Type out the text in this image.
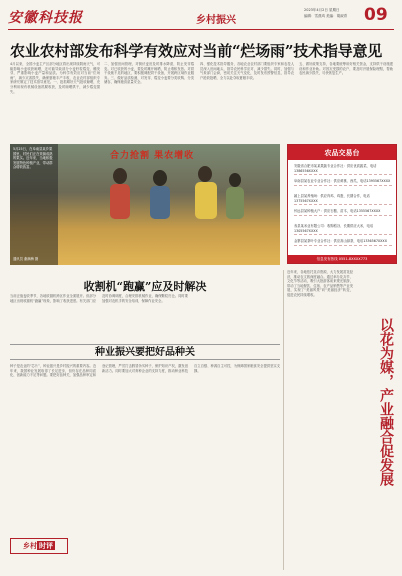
安徽科技报	乡村振兴
2023年4月2日 星期日
编辑：雪燕鸡 美编：胡淑青 09
农业农村部发布科学有效应对当前“烂场雨”技术指导意见
4月以来，全国小麦主产区部分地区将出现持续阴雨天气，可能影响小麦收获晾晒，还可能导致部分小麦籽粒霉变、穗发芽，严重影响小麦产量和品质。为科学有效应对当前“烂场雨”，减少灾害损失，确保夏粮丰产丰收，农业农村部组织专家研究制定了技术指导意见。一、抢抓晴好天气抢收晾晒，充分利用现有机械设备抓紧收获，及时晾晒烘干，减少霉变损失。
二、加强田间管理，对倒伏麦田及时排水降渍，防止发芽霉变。对已收获的小麦，要及时摊开晾晒，防止堆积发热。对烘干设施不足的地区，要积极调配烘干设备，开展跨区域作业服务。三、做好品质检测，对发芽、霉变小麦要分类收购、分类储存，确保粮食质量安全。
四、强化技术指导服务，各地农业农村部门要组织专家和农技人员深入田间地头，指导农民科学应对，减少损失。同时，加强与气象部门会商，密切关注天气变化，及时发布预警信息，指导农户抢收抢晒，全力以赴夺取夏粮丰收。
五、做好政策支持，各地要统筹用好相关资金，支持烘干设施建设和作业补助。对因灾受损的农户，要及时开展保险理赔，帮助农民减少损失，尽快恢复生产。
合力抢割 果农增收
5月25日，在阜南县某乡果园里，村民们正在采摘成熟的果实。近年来，当地积极发展特色种植产业，带动群众增收致富。
通讯员 谢满梅 摄
农品交易台
安徽省合肥市某某果蔬专业合作社：供应优质蔬菜，电话1386556XXXX
阜南县某农业专业合作社：供应黄桃、西瓜，电话1395567XXXX
颍上县某养殖场：供应肉鸡、鸡蛋，长期合作，电话1375567XXXX
怀远县某种植大户：供应石榴、苗木，电话1355567XXXX
寿县某米业有限公司：收购稻谷、长期供应大米，电话1305567XXXX
金寨县某茶叶专业合作社：供应高山绿茶，电话1336567XXXX
信息发布热线 0551-8XXXX773
收割机“跑赢”应及时解决
当前正值麦收季节，各地收割机跨区作业全面展开。但部分地区出现收割机“跑赢”现象，影响了收获进度。有关部门应及时协调调度，合理安排机械作业，确保颗粒归仓。同时要加强对农机手的安全培训，保障作业安全。
种业振兴要把好品种关
种子是农业的“芯片”，种业振兴是乡村振兴的重要内容。近年来，我国种业发展取得了长足进步，但仍存在品种同质化、创新能力不足等问题。要把好品种关，加强品种审定和登记管理，严厉打击假冒伪劣种子，保护知识产权，激发创新活力。同时要加大对育种企业的支持力度，推动种业科技自立自强、种源自主可控，为保障国家粮食安全提供坚实支撑。
乡村 时评
近年来，各地依托花卉资源，大力发展赏花经济，推动农文旅深度融合。通过举办花卉节、文化节等活动，吸引大批游客前来观光旅游，带动了当地餐饮、住宿、农产品销售等产业发展，实现了“美丽风景”向“美丽经济”转变，促进农民持续增收。
以花为媒，产业融合促发展
